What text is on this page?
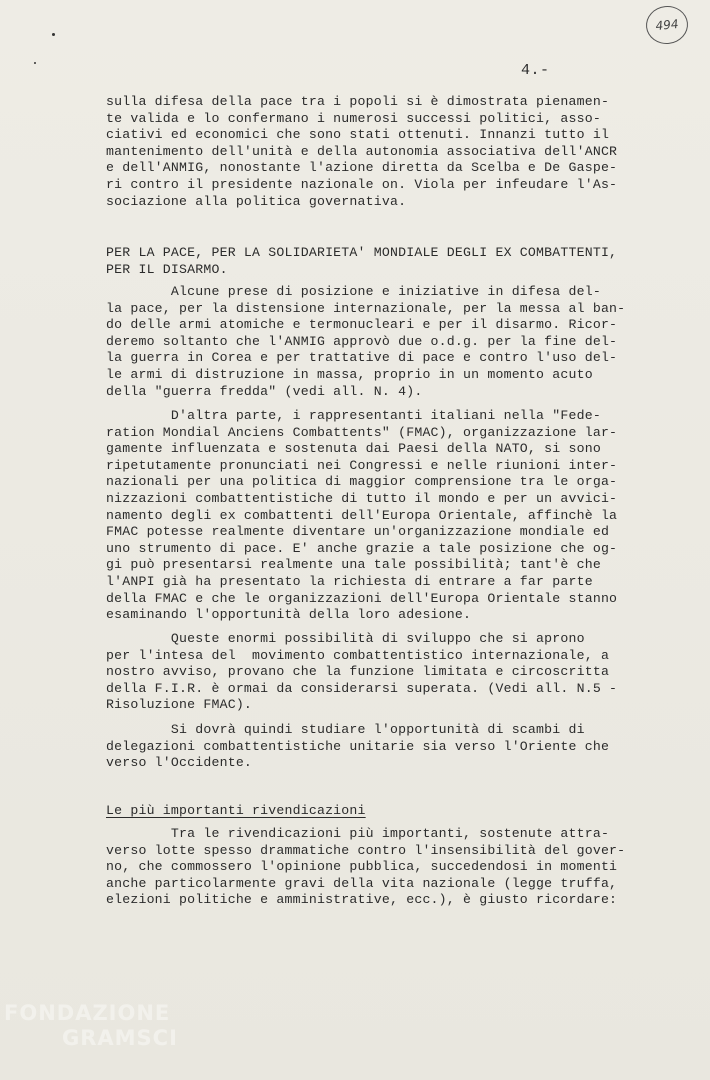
494
4.-
sulla difesa della pace tra i popoli si è dimostrata pienamen-
te valida e lo confermano i numerosi successi politici, asso-
ciativi ed economici che sono stati ottenuti. Innanzi tutto il
mantenimento dell'unità e della autonomia associativa dell'ANCR
e dell'ANMIG, nonostante l'azione diretta da Scelba e De Gaspe-
ri contro il presidente nazionale on. Viola per infeudare l'As-
sociazione alla politica governativa.
PER LA PACE, PER LA SOLIDARIETA' MONDIALE DEGLI EX COMBATTENTI,
PER IL DISARMO.
Alcune prese di posizione e iniziative in difesa del-
la pace, per la distensione internazionale, per la messa al ban-
do delle armi atomiche e termonucleari e per il disarmo. Ricor-
deremo soltanto che l'ANMIG approvò due o.d.g. per la fine del-
la guerra in Corea e per trattative di pace e contro l'uso del-
le armi di distruzione in massa, proprio in un momento acuto
della "guerra fredda" (vedi all. N. 4).
D'altra parte, i rappresentanti italiani nella "Fede-
ration Mondial Anciens Combattents" (FMAC), organizzazione lar-
gamente influenzata e sostenuta dai Paesi della NATO, si sono
ripetutamente pronunciati nei Congressi e nelle riunioni inter-
nazionali per una politica di maggior comprensione tra le orga-
nizzazioni combattentistiche di tutto il mondo e per un avvici-
namento degli ex combattenti dell'Europa Orientale, affinchè la
FMAC potesse realmente diventare un'organizzazione mondiale ed
uno strumento di pace. E' anche grazie a tale posizione che og-
gi può presentarsi realmente una tale possibilità; tant'è che
l'ANPI già ha presentato la richiesta di entrare a far parte
della FMAC e che le organizzazioni dell'Europa Orientale stanno
esaminando l'opportunità della loro adesione.
Queste enormi possibilità di sviluppo che si aprono
per l'intesa del  movimento combattentistico internazionale, a
nostro avviso, provano che la funzione limitata e circoscritta
della F.I.R. è ormai da considerarsi superata. (Vedi all. N.5 -
Risoluzione FMAC).
Si dovrà quindi studiare l'opportunità di scambi di
delegazioni combattentistiche unitarie sia verso l'Oriente che
verso l'Occidente.
Le più importanti rivendicazioni
Tra le rivendicazioni più importanti, sostenute attra-
verso lotte spesso drammatiche contro l'insensibilità del gover-
no, che commossero l'opinione pubblica, succedendosi in momenti
anche particolarmente gravi della vita nazionale (legge truffa,
elezioni politiche e amministrative, ecc.), è giusto ricordare:
FONDAZIONE
GRAMSCI
